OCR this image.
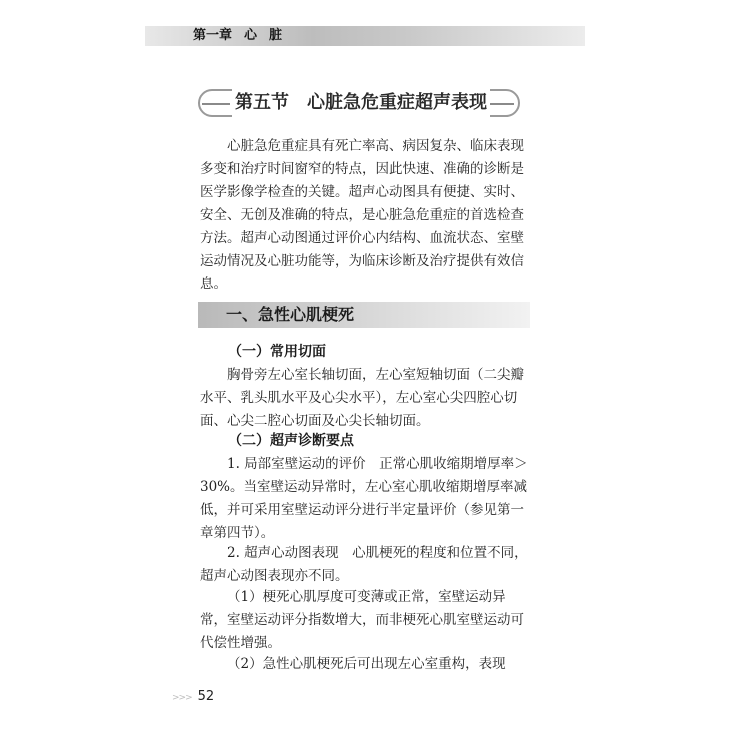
第一章 心脏
第五节　心脏急危重症超声表现

心脏急危重症具有死亡率高、病因复杂、临床表现多变和治疗时间窗窄的特点，因此快速、准确的诊断是医学影像学检查的关键。超声心动图具有便捷、实时、安全、无创及准确的特点，是心脏急危重症的首选检查方法。超声心动图通过评价心内结构、血流状态、室壁运动情况及心脏功能等，为临床诊断及治疗提供有效信息。

一、急性心肌梗死
（一）常用切面

胸骨旁左心室长轴切面，左心室短轴切面（二尖瓣水平、乳头肌水平及心尖水平），左心室心尖四腔心切面、心尖二腔心切面及心尖长轴切面。

（二）超声诊断要点

1. 局部室壁运动的评价　正常心肌收缩期增厚率＞30%。当室壁运动异常时，左心室心肌收缩期增厚率减低，并可采用室壁运动评分进行半定量评价（参见第一章第四节）。

2. 超声心动图表现　心肌梗死的程度和位置不同，超声心动图表现亦不同。

（1）梗死心肌厚度可变薄或正常，室壁运动异常，室壁运动评分指数增大，而非梗死心肌室壁运动可代偿性增强。

（2）急性心肌梗死后可出现左心室重构，表现

>>> 52
